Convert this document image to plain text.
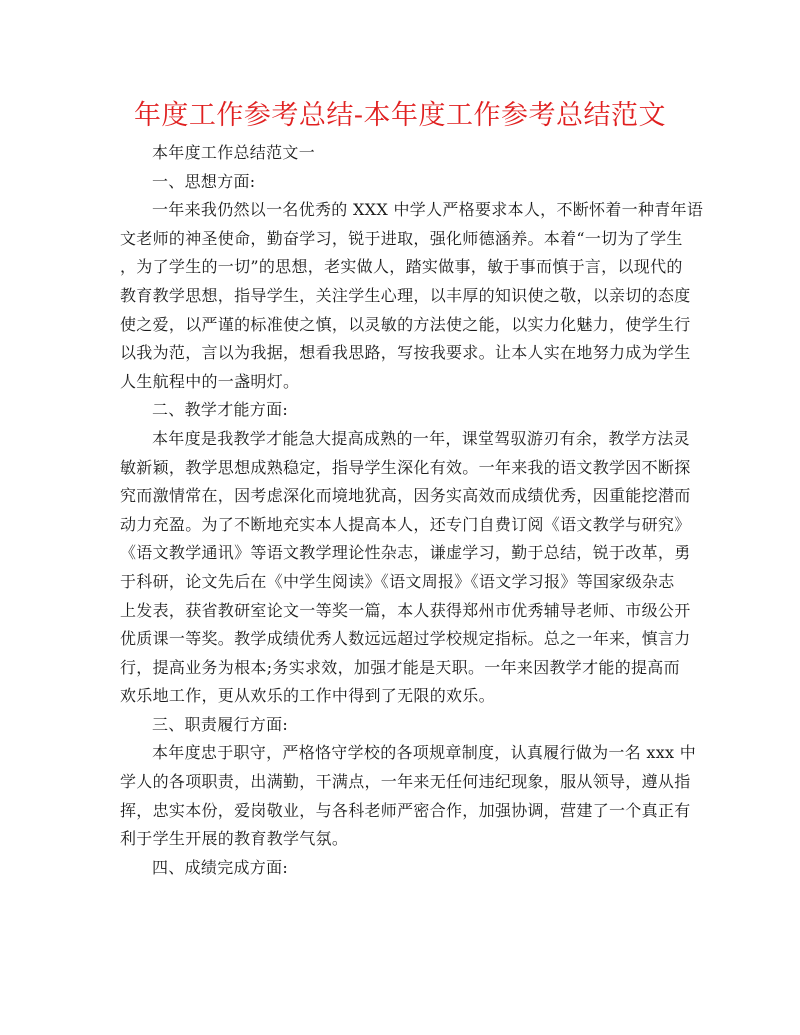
年度工作参考总结-本年度工作参考总结范文
本年度工作总结范文一
一、思想方面:
一年来我仍然以一名优秀的 XXX 中学人严格要求本人，不断怀着一种青年语
文老师的神圣使命，勤奋学习，锐于进取，强化师德涵养。本着“一切为了学生
，为了学生的一切”的思想，老实做人，踏实做事，敏于事而慎于言，以现代的
教育教学思想，指导学生，关注学生心理，以丰厚的知识使之敬，以亲切的态度
使之爱，以严谨的标准使之慎，以灵敏的方法使之能，以实力化魅力，使学生行
以我为范，言以为我据，想看我思路，写按我要求。让本人实在地努力成为学生
人生航程中的一盏明灯。
二、教学才能方面:
本年度是我教学才能急大提高成熟的一年，课堂驾驭游刃有余，教学方法灵
敏新颖，教学思想成熟稳定，指导学生深化有效。一年来我的语文教学因不断探
究而激情常在，因考虑深化而境地犹高，因务实高效而成绩优秀，因重能挖潜而
动力充盈。为了不断地充实本人提高本人，还专门自费订阅《语文教学与研究》
《语文教学通讯》等语文教学理论性杂志，谦虚学习，勤于总结，锐于改革，勇
于科研，论文先后在《中学生阅读》《语文周报》《语文学习报》等国家级杂志
上发表，获省教研室论文一等奖一篇，本人获得郑州市优秀辅导老师、市级公开
优质课一等奖。教学成绩优秀人数远远超过学校规定指标。总之一年来，慎言力
行，提高业务为根本;务实求效，加强才能是天职。一年来因教学才能的提高而
欢乐地工作，更从欢乐的工作中得到了无限的欢乐。
三、职责履行方面:
本年度忠于职守，严格恪守学校的各项规章制度，认真履行做为一名 xxx 中
学人的各项职责，出满勤，干满点，一年来无任何违纪现象，服从领导，遵从指
挥，忠实本份，爱岗敬业，与各科老师严密合作，加强协调，营建了一个真正有
利于学生开展的教育教学气氛。
四、成绩完成方面:
